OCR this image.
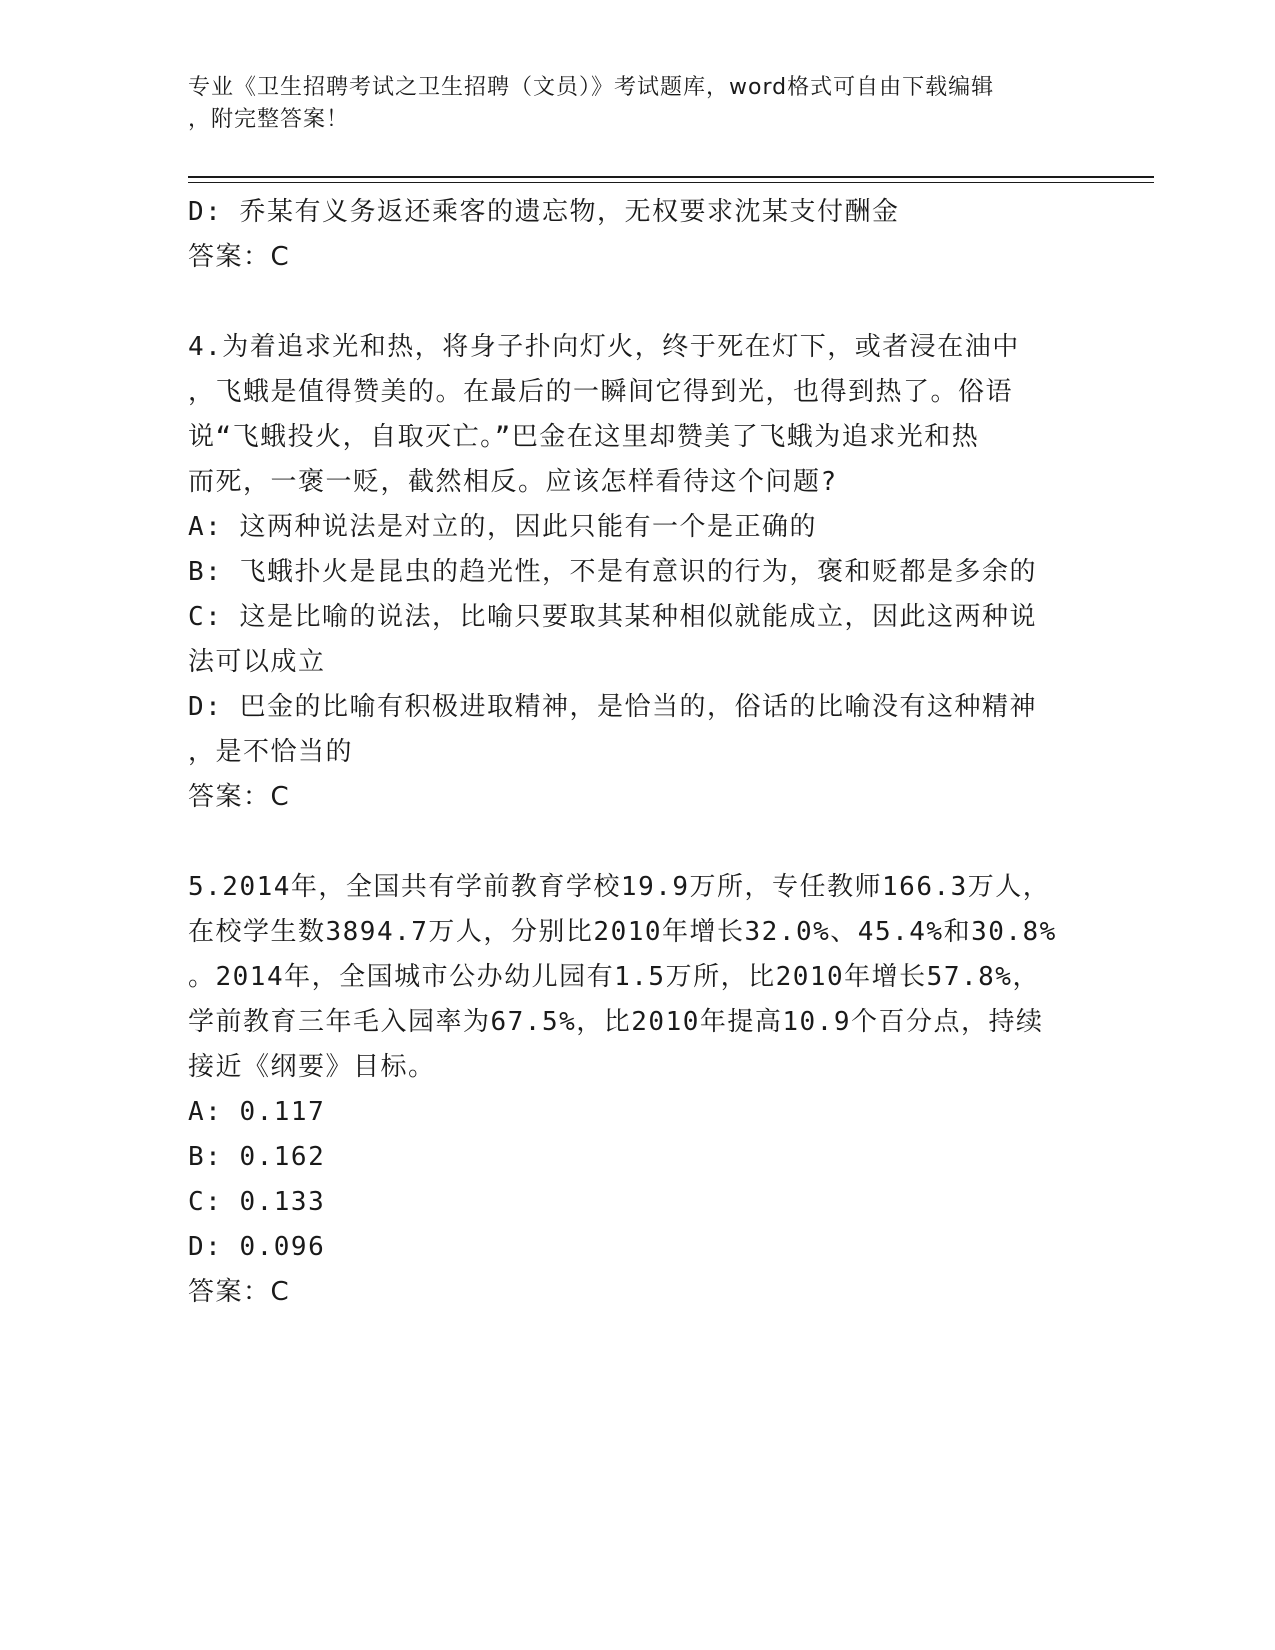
专业《卫生招聘考试之卫生招聘（文员）》考试题库，word格式可自由下载编辑
，附完整答案！

D: 乔某有义务返还乘客的遗忘物，无权要求沈某支付酬金

答案：C

4.为着追求光和热，将身子扑向灯火，终于死在灯下，或者浸在油中

，飞蛾是值得赞美的。在最后的一瞬间它得到光，也得到热了。俗语

说“飞蛾投火，自取灭亡。”巴金在这里却赞美了飞蛾为追求光和热

而死，一褒一贬，截然相反。应该怎样看待这个问题?

A: 这两种说法是对立的，因此只能有一个是正确的

B: 飞蛾扑火是昆虫的趋光性，不是有意识的行为，褒和贬都是多余的

C: 这是比喻的说法，比喻只要取其某种相似就能成立，因此这两种说

法可以成立

D: 巴金的比喻有积极进取精神，是恰当的，俗话的比喻没有这种精神

，是不恰当的

答案：C

5.2014年，全国共有学前教育学校19.9万所，专任教师166.3万人，

在校学生数3894.7万人，分别比2010年增长32.0%、45.4%和30.8%

。2014年，全国城市公办幼儿园有1.5万所，比2010年增长57.8%，

学前教育三年毛入园率为67.5%，比2010年提高10.9个百分点，持续

接近《纲要》目标。

A: 0.117

B: 0.162

C: 0.133

D: 0.096

答案：C
